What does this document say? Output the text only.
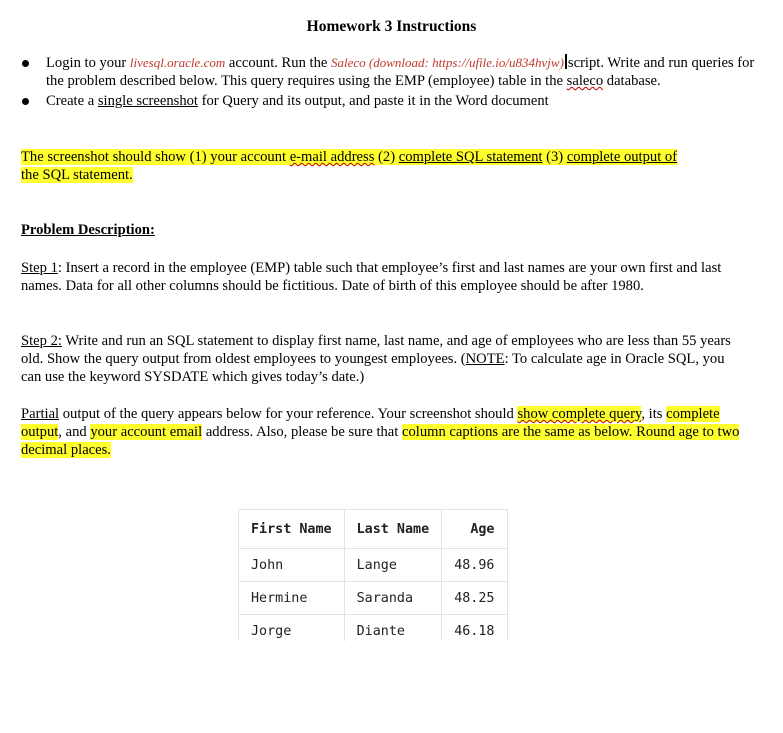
Homework 3 Instructions
Login to your livesql.oracle.com account. Run the Saleco (download: https://ufile.io/u834hvjw) script. Write and run queries for the problem described below. This query requires using the EMP (employee) table in the saleco database.
Create a single screenshot for Query and its output, and paste it in the Word document

The screenshot should show (1) your account e-mail address (2) complete SQL statement (3) complete output of
the SQL statement.

Problem Description:

Step 1: Insert a record in the employee (EMP) table such that employee’s first and last names are your own first and last names. Data for all other columns should be fictitious. Date of birth of this employee should be after 1980.

Step 2: Write and run an SQL statement to display first name, last name, and age of employees who are less than 55 years old. Show the query output from oldest employees to youngest employees. (NOTE: To calculate age in Oracle SQL, you can use the keyword SYSDATE which gives today’s date.)

Partial output of the query appears below for your reference. Your screenshot should show complete query, its complete output, and your account email address. Also, please be sure that column captions are the same as below. Round age to two decimal places.

First Name	Last Name	Age
John	Lange	48.96
Hermine	Saranda	48.25
Jorge	Diante	46.18
